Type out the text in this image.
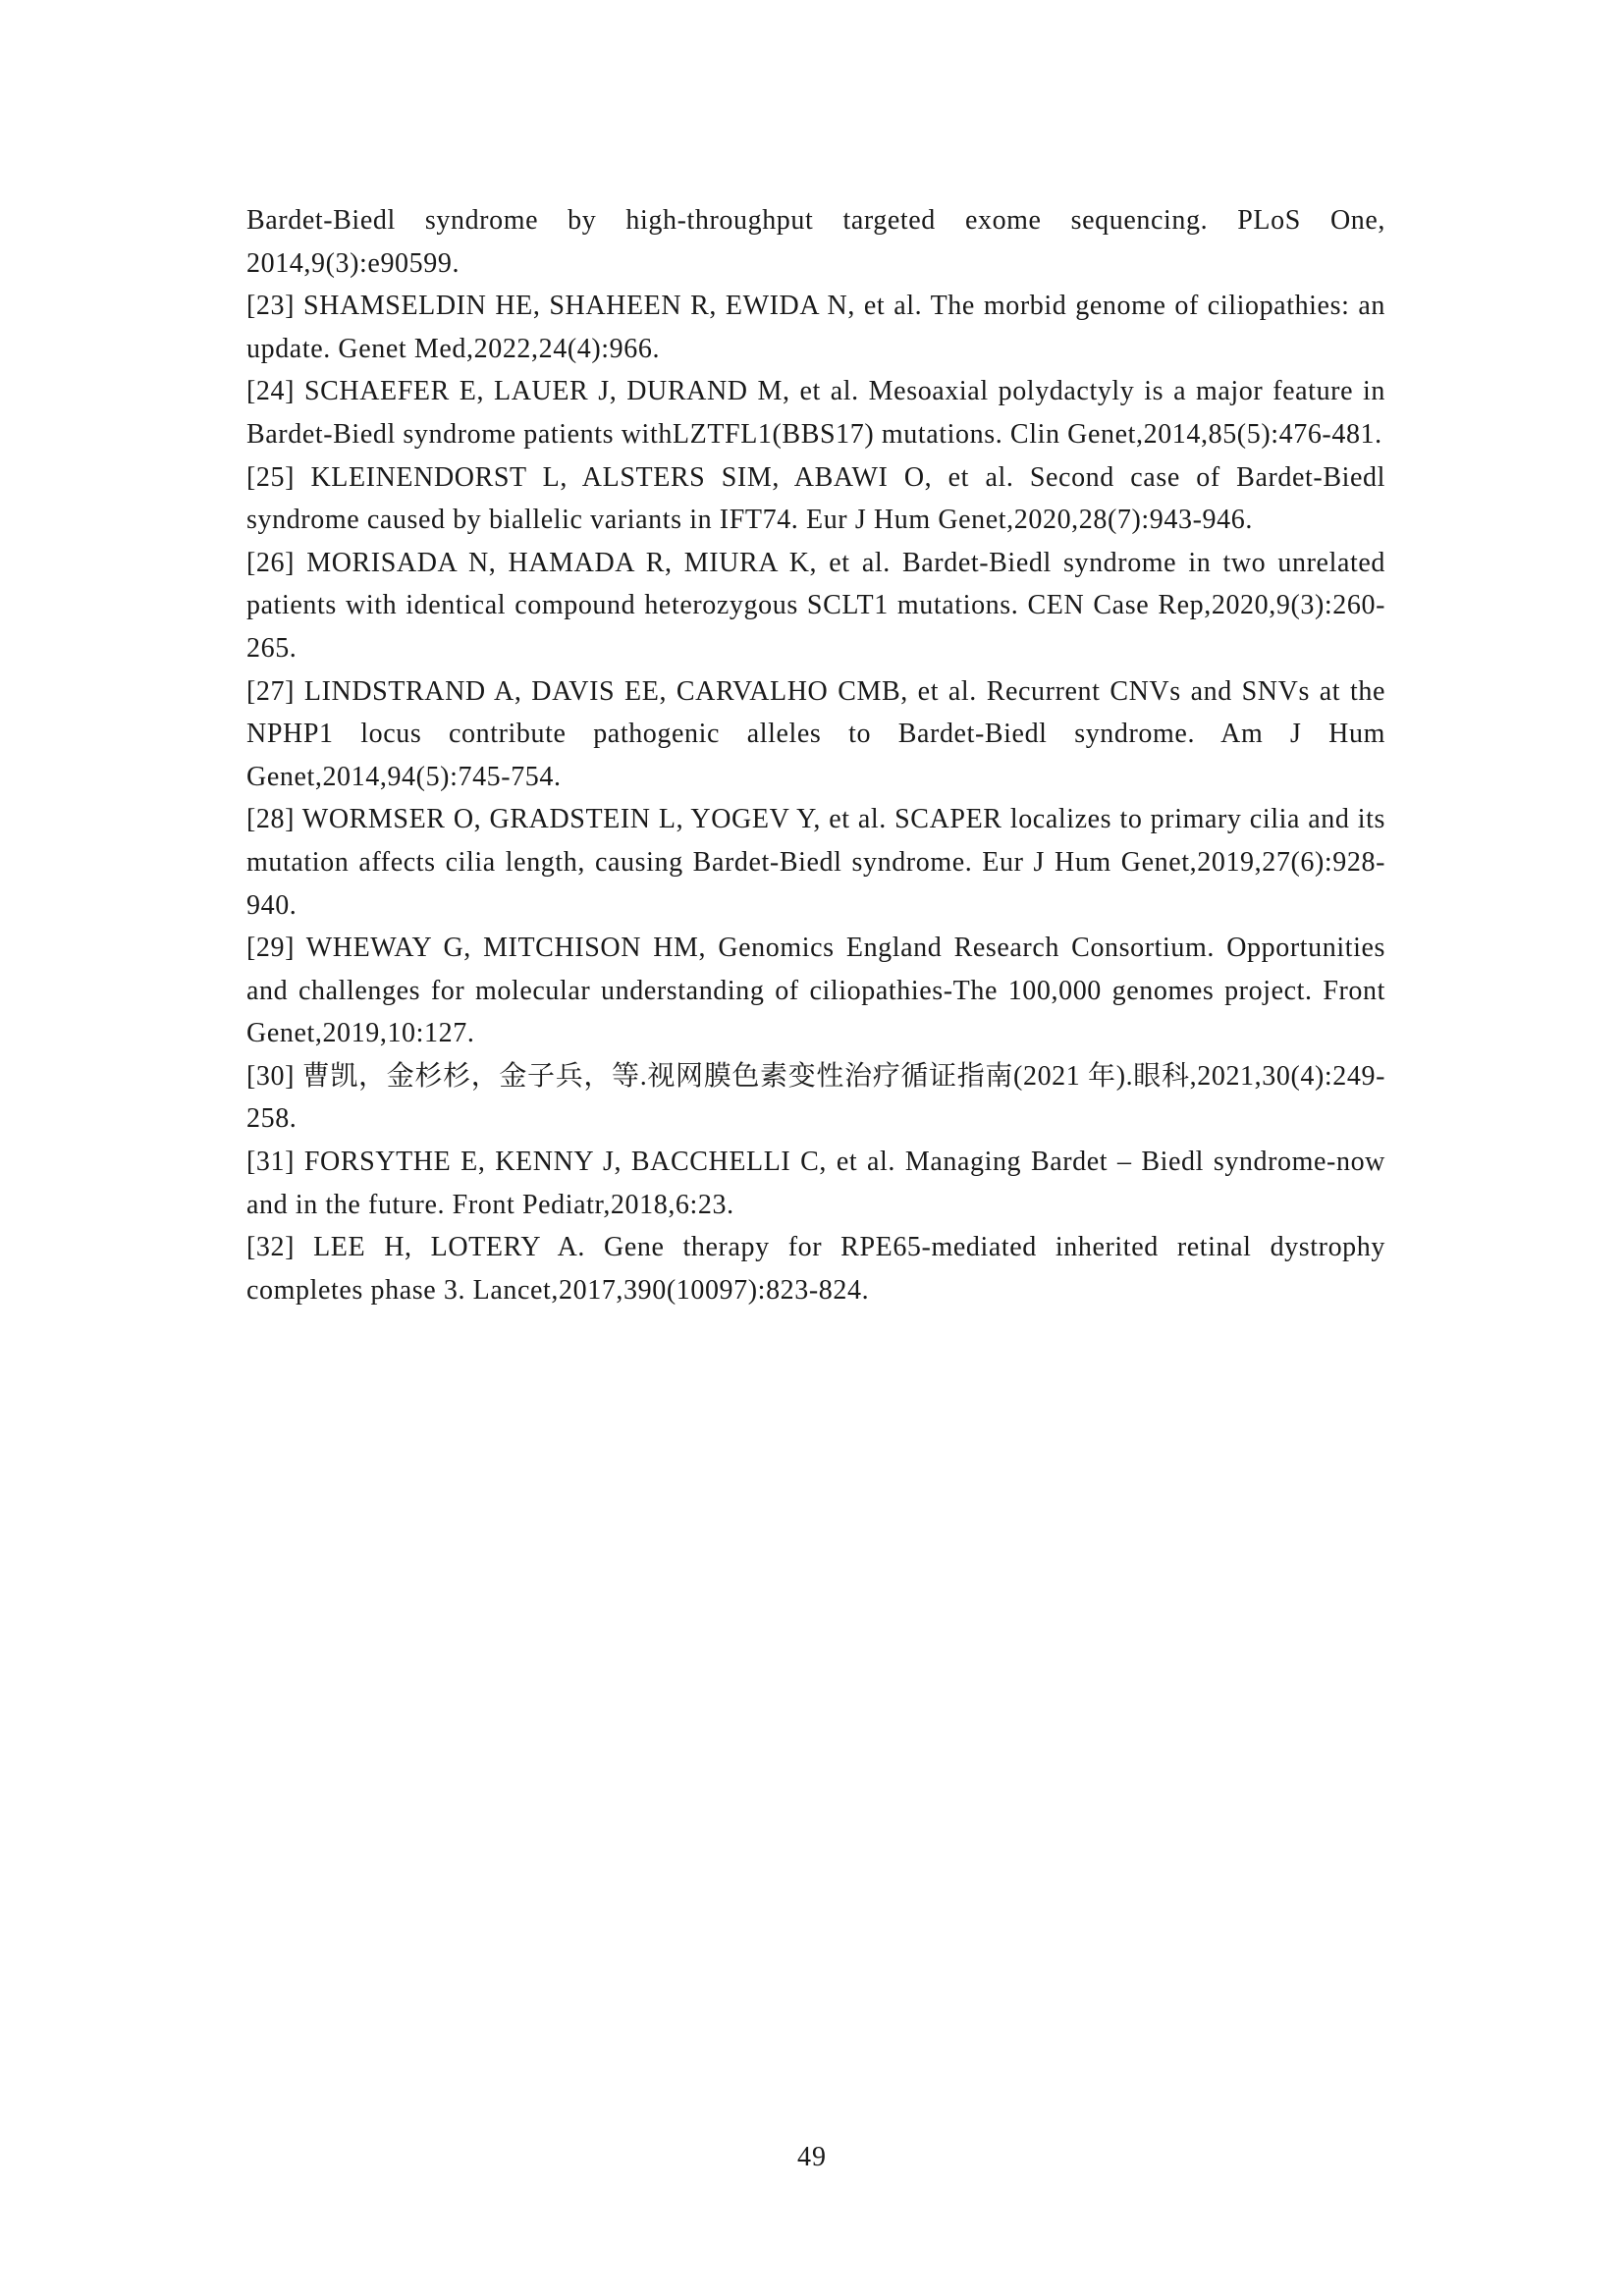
Bardet-Biedl syndrome by high-throughput targeted exome sequencing. PLoS One, 2014,9(3):e90599.

[23] SHAMSELDIN HE, SHAHEEN R, EWIDA N, et al. The morbid genome of ciliopathies: an update. Genet Med,2022,24(4):966.

[24] SCHAEFER E, LAUER J, DURAND M, et al. Mesoaxial polydactyly is a major feature in Bardet-Biedl syndrome patients withLZTFL1(BBS17) mutations. Clin Genet,2014,85(5):476-481.

[25] KLEINENDORST L, ALSTERS SIM, ABAWI O, et al. Second case of Bardet-Biedl syndrome caused by biallelic variants in IFT74. Eur J Hum Genet,2020,28(7):943-946.

[26] MORISADA N, HAMADA R, MIURA K, et al. Bardet-Biedl syndrome in two unrelated patients with identical compound heterozygous SCLT1 mutations. CEN Case Rep,2020,9(3):260-265.

[27] LINDSTRAND A, DAVIS EE, CARVALHO CMB, et al. Recurrent CNVs and SNVs at the NPHP1 locus contribute pathogenic alleles to Bardet-Biedl syndrome. Am J Hum Genet,2014,94(5):745-754.

[28] WORMSER O, GRADSTEIN L, YOGEV Y, et al. SCAPER localizes to primary cilia and its mutation affects cilia length, causing Bardet-Biedl syndrome. Eur J Hum Genet,2019,27(6):928-940.

[29] WHEWAY G, MITCHISON HM, Genomics England Research Consortium. Opportunities and challenges for molecular understanding of ciliopathies-The 100,000 genomes project. Front Genet,2019,10:127.

[30] 曹凯，金杉杉，金子兵，等.视网膜色素变性治疗循证指南(2021 年).眼科,2021,30(4):249-258.

[31] FORSYTHE E, KENNY J, BACCHELLI C, et al. Managing Bardet – Biedl syndrome-now and in the future. Front Pediatr,2018,6:23.

[32] LEE H, LOTERY A. Gene therapy for RPE65-mediated inherited retinal dystrophy completes phase 3. Lancet,2017,390(10097):823-824.

49
